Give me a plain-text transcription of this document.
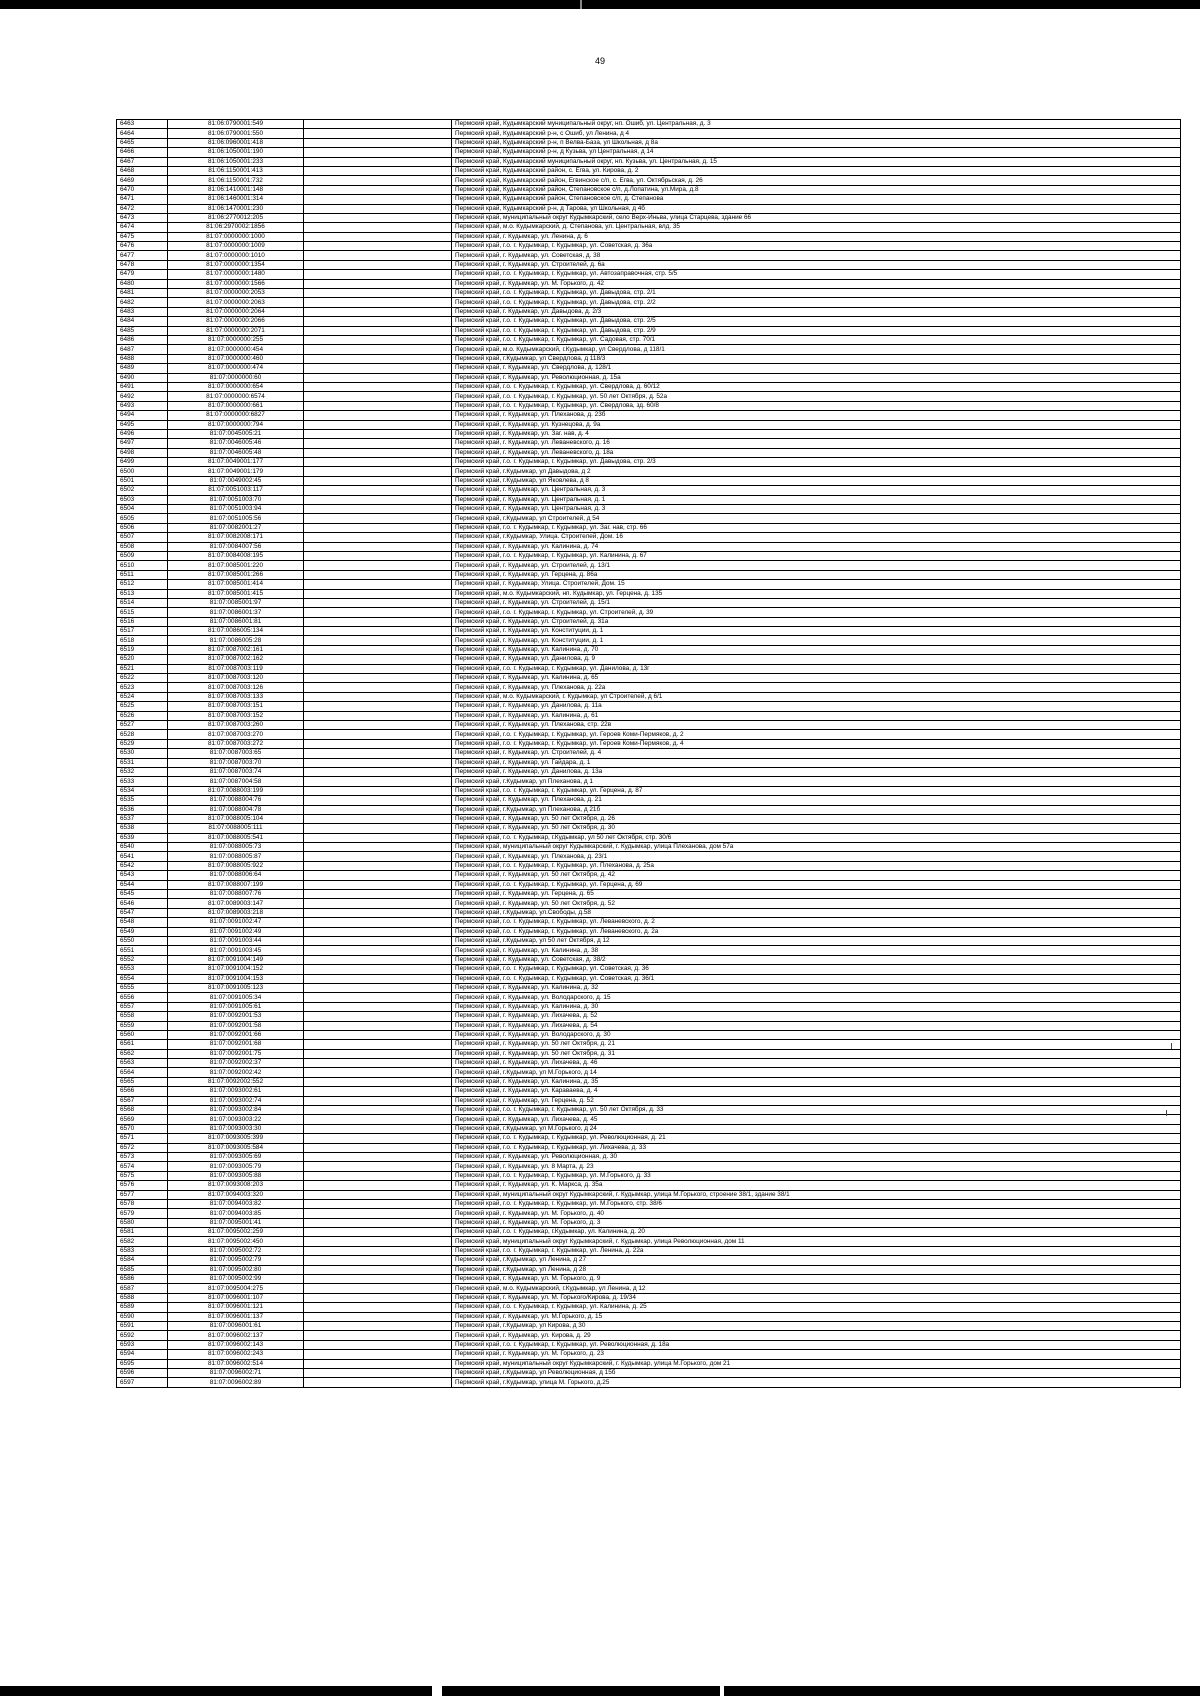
49
6463	81:06:0790001:549		Пермский край, Кудымкарский муниципальный округ, нп. Ошиб, ул. Центральная, д. 3
6464	81:06:0790001:550		Пермский край, Кудымкарский р-н, с Ошиб, ул Ленина, д 4
6465	81:06:0960001:418		Пермский край, Кудымкарский р-н, п Велва-База, ул Школьная, д 8а
6466	81:06:1050001:190		Пермский край, Кудымкарский р-н, д Кузьва, ул Центральная, д 14
6467	81:06:1050001:233		Пермский край, Кудымкарский муниципальный округ, нп. Кузьва, ул. Центральная, д. 15
6468	81:06:1150001:413		Пермский край, Кудымкарский район, с. Егва, ул. Кирова, д. 2
6469	81:06:1150001:732		Пермский край, Кудымкарский район, Егвинское с/п, с. Егва, ул. Октябрьская, д. 26
6470	81:06:1410001:148		Пермский край, Кудымкарский район, Степановское с/п, д.Лопатина, ул.Мира, д.8
6471	81:06:1460001:314		Пермский край, Кудымкарский район, Степановское с/п, д. Степанова
6472	81:06:1470001:230		Пермский край, Кудымкарский р-н, д Тарова, ул Школьная, д 4б
6473	81:06:2770012:205		Пермский край, муниципальный округ Кудымкарский, село Верх-Иньва, улица Старцева, здание 66
6474	81:06:2970002:1856		Пермский край, м.о. Кудымкарский, д. Степанова, ул. Центральная, влд. 35
6475	81:07:0000000:1000		Пермский край, г. Кудымкар, ул. Ленина, д. 6
6476	81:07:0000000:1009		Пермский край, г.о. г. Кудымкар, г. Кудымкар, ул. Советская, д. 36а
6477	81:07:0000000:1010		Пермский край, г. Кудымкар, ул. Советская, д. 38
6478	81:07:0000000:1354		Пермский край, г. Кудымкар, ул. Строителей, д. 6а
6479	81:07:0000000:1480		Пермский край, г.о. г. Кудымкар, г. Кудымкар, ул. Автозаправочная, стр. 5/5
6480	81:07:0000000:1566		Пермский край, г. Кудымкар, ул. М. Горького, д. 42
6481	81:07:0000000:2053		Пермский край, г.о. г. Кудымкар, г. Кудымкар, ул. Давыдова, стр. 2/1
6482	81:07:0000000:2063		Пермский край, г.о. г. Кудымкар, г. Кудымкар, ул. Давыдова, стр. 2/2
6483	81:07:0000000:2064		Пермский край, г. Кудымкар, ул. Давыдова, д. 2/3
6484	81:07:0000000:2066		Пермский край, г.о. г. Кудымкар, г. Кудымкар, ул. Давыдова, стр. 2/5
6485	81:07:0000000:2071		Пермский край, г.о. г. Кудымкар, г. Кудымкар, ул. Давыдова, стр. 2/9
6486	81:07:0000000:255		Пермский край, г.о. г. Кудымкар, г. Кудымкар, ул. Садовая, стр. 70/1
6487	81:07:0000000:454		Пермский край, м.о. Кудымкарский, г.Кудымкар, ул Свердлова, д 118/1
6488	81:07:0000000:460		Пермский край, г.Кудымкар, ул Свердлова, д 118/3
6489	81:07:0000000:474		Пермский край, г. Кудымкар, ул. Свердлова, д. 128/1
6490	81:07:0000000:60		Пермский край, г. Кудымкар, ул. Революционная, д. 15а
6491	81:07:0000000:654		Пермский край, г.о. г. Кудымкар, г. Кудымкар, ул. Свердлова, д. 60/12
6492	81:07:0000000:6574		Пермский край, г.о. г. Кудымкар, г. Кудымкар, ул. 50 лет Октября, д. 52а
6493	81:07:0000000:661		Пермский край, г.о. г. Кудымкар, г. Кудымкар, ул. Свердлова, зд. 60/8
6494	81:07:0000000:6827		Пермский край, г. Кудымкар, ул. Плеханова, д. 23б
6495	81:07:0000000:794		Пермский край, г. Кудымкар, ул. Кузнецова, д. 9а
6496	81:07:0045005:21		Пермский край, г. Кудымкар, ул. Заг. нав, д. 4
6497	81:07:0046005:46		Пермский край, г. Кудымкар, ул. Леваневского, д. 16
6498	81:07:0046005:48		Пермский край, г. Кудымкар, ул. Леваневского, д. 18а
6499	81:07:0049001:177		Пермский край, г.о. г. Кудымкар, г. Кудымкар, ул. Давыдова, стр. 2/3
6500	81:07:0049001:179		Пермский край, г.Кудымкар, ул Давыдова, д 2
6501	81:07:0049002:45		Пермский край, г.Кудымкар, ул Яковлева, д 8
6502	81:07:0051003:117		Пермский край, г. Кудымкар, ул. Центральная, д. 3
6503	81:07:0051003:70		Пермский край, г. Кудымкар, ул. Центральная, д. 1
6504	81:07:0051003:94		Пермский край, г. Кудымкар, ул. Центральная, д. 3
6505	81:07:0051005:56		Пермский край, г.Кудымкар, ул Строителей, д 54
6506	81:07:0082001:27		Пермский край, г.о. г. Кудымкар, г. Кудымкар, ул. Заг. нав, стр. 66
6507	81:07:0082008:171		Пермский край, г.Кудымкар, Улица. Строителей, Дом. 16
6508	81:07:0084007:56		Пермский край, г. Кудымкар, ул. Калинина, д. 74
6509	81:07:0084008:195		Пермский край, г.о. г. Кудымкар, г. Кудымкар, ул. Калинина, д. 67
6510	81:07:0085001:220		Пермский край, г. Кудымкар, ул. Строителей, д. 13/1
6511	81:07:0085001:266		Пермский край, г. Кудымкар, ул. Герцена, д. 86а
6512	81:07:0085001:414		Пермский край, г. Кудымкар, Улица. Строителей, Дом. 15
6513	81:07:0085001:415		Пермский край, м.о. Кудымкарский, нп. Кудымкар, ул. Герцена, д. 135
6514	81:07:0085001:97		Пермский край, г. Кудымкар, ул. Строителей, д. 15/1
6515	81:07:0086001:37		Пермский край, г.о. г. Кудымкар, г. Кудымкар, ул. Строителей, д. 39
6516	81:07:0086001:81		Пермский край, г. Кудымкар, ул. Строителей, д. 31а
6517	81:07:0086005:134		Пермский край, г. Кудымкар, ул. Конституции, д. 1
6518	81:07:0086005:28		Пермский край, г. Кудымкар, ул. Конституции, д. 1
6519	81:07:0087002:161		Пермский край, г. Кудымкар, ул. Калинина, д. 70
6520	81:07:0087002:162		Пермский край, г. Кудымкар, ул. Данилова, д. 9
6521	81:07:0087003:119		Пермский край, г.о. г. Кудымкар, г. Кудымкар, ул. Данилова, д. 13г
6522	81:07:0087003:120		Пермский край, г. Кудымкар, ул. Калинина, д. 65
6523	81:07:0087003:126		Пермский край, г. Кудымкар, ул. Плеханова, д. 22а
6524	81:07:0087003:133		Пермский край, м.о. Кудымкарский, г. Кудымкар, ул Строителей, д 6/1
6525	81:07:0087003:151		Пермский край, г. Кудымкар, ул. Данилова, д. 11а
6526	81:07:0087003:152		Пермский край, г. Кудымкар, ул. Калинина, д. 61
6527	81:07:0087003:260		Пермский край, г. Кудымкар, ул. Плеханова, стр. 22в
6528	81:07:0087003:270		Пермский край, г.о. г. Кудымкар, г. Кудымкар, ул. Героев Коми-Пермяков, д. 2
6529	81:07:0087003:272		Пермский край, г.о. г. Кудымкар, г. Кудымкар, ул. Героев Коми-Пермяков, д. 4
6530	81:07:0087003:65		Пермский край, г. Кудымкар, ул. Строителей, д. 4
6531	81:07:0087003:70		Пермский край, г. Кудымкар, ул. Гайдара, д. 1
6532	81:07:0087003:74		Пермский край, г. Кудымкар, ул. Данилова, д. 13а
6533	81:07:0087004:58		Пермский край, г.Кудымкар, ул Плеханова, д 1
6534	81:07:0088003:199		Пермский край, г.о. г. Кудымкар, г. Кудымкар, ул. Герцена, д. 87
6535	81:07:0088004:76		Пермский край, г. Кудымкар, ул. Плеханова, д. 21
6536	81:07:0088004:78		Пермский край, г.Кудымкар, ул Плеханова, д 21б
6537	81:07:0088005:104		Пермский край, г. Кудымкар, ул. 50 лет Октября, д. 26
6538	81:07:0088005:111		Пермский край, г. Кудымкар, ул. 50 лет Октября, д. 30
6539	81:07:0088005:541		Пермский край, г.о. г. Кудымкар, г.Кудымкар, ул 50 лет Октября, стр. 30/6
6540	81:07:0088005:73		Пермский край, муниципальный округ Кудымкарский, г. Кудымкар, улица Плеханова, дом 57а
6541	81:07:0088005:87		Пермский край, г. Кудымкар, ул. Плеханова, д. 23/1
6542	81:07:0088005:922		Пермский край, г.о. г. Кудымкар, г. Кудымкар, ул. Плеханова, д. 25а
6543	81:07:0088006:64		Пермский край, г. Кудымкар, ул. 50 лет Октября, д. 42
6544	81:07:0088007:199		Пермский край, г.о. г. Кудымкар, г. Кудымкар, ул. Герцена, д. 69
6545	81:07:0088007:76		Пермский край, г. Кудымкар, ул. Герцена, д. 65
6546	81:07:0089003:147		Пермский край, г. Кудымкар, ул. 50 лет Октября, д. 52
6547	81:07:0089003:218		Пермский край, г.Кудымкар, ул.Свободы, д.58
6548	81:07:0091002:47		Пермский край, г.о. г. Кудымкар, г. Кудымкар, ул. Леваневского, д. 2
6549	81:07:0091002:49		Пермский край, г.о. г. Кудымкар, г. Кудымкар, ул. Леваневского, д. 2а
6550	81:07:0091003:44		Пермский край, г.Кудымкар, ул 50 лет Октября, д 12
6551	81:07:0091003:45		Пермский край, г. Кудымкар, ул. Калинина, д. 38
6552	81:07:0091004:149		Пермский край, г. Кудымкар, ул. Советская, д. 38/2
6553	81:07:0091004:152		Пермский край, г.о. г. Кудымкар, г. Кудымкар, ул. Советская, д. 36
6554	81:07:0091004:153		Пермский край, г.о. г. Кудымкар, г. Кудымкар, ул. Советская, д. 36/1
6555	81:07:0091005:123		Пермский край, г. Кудымкар, ул. Калинина, д. 32
6556	81:07:0091005:34		Пермский край, г. Кудымкар, ул. Володарского, д. 15
6557	81:07:0091005:61		Пермский край, г. Кудымкар, ул. Калинина, д. 30
6558	81:07:0092001:53		Пермский край, г. Кудымкар, ул. Лихачева, д. 52
6559	81:07:0092001:58		Пермский край, г. Кудымкар, ул. Лихачева, д. 54
6560	81:07:0092001:66		Пермский край, г. Кудымкар, ул. Володарского, д. 30
6561	81:07:0092001:68		Пермский край, г. Кудымкар, ул. 50 лет Октября, д. 21
6562	81:07:0092001:75		Пермский край, г. Кудымкар, ул. 50 лет Октября, д. 31
6563	81:07:0092002:37		Пермский край, г. Кудымкар, ул. Лихачева, д. 46
6564	81:07:0092002:42		Пермский край, г.Кудымкар, ул М.Горького, д 14
6565	81:07:0092002:552		Пермский край, г. Кудымкар, ул. Калинина, д. 35
6566	81:07:0093002:61		Пермский край, г. Кудымкар, ул. Караваева, д. 4
6567	81:07:0093002:74		Пермский край, г. Кудымкар, ул. Герцена, д. 52
6568	81:07:0093002:84		Пермский край, г.о. г. Кудымкар, г. Кудымкар, ул. 50 лет Октября, д. 33
6569	81:07:0093003:22		Пермский край, г. Кудымкар, ул. Лихачева, д. 45
6570	81:07:0093003:30		Пермский край, г.Кудымкар, ул М.Горького, д 24
6571	81:07:0093005:399		Пермский край, г.о. г. Кудымкар, г. Кудымкар, ул. Революционная, д. 21
6572	81:07:0093005:584		Пермский край, г.о. г. Кудымкар, г. Кудымкар, ул. Лихачева, д. 33
6573	81:07:0093005:69		Пермский край, г. Кудымкар, ул. Революционная, д. 30
6574	81:07:0093005:79		Пермский край, г. Кудымкар, ул. 8 Марта, д. 23
6575	81:07:0093005:88		Пермский край, г.о. г. Кудымкар, г. Кудымкар, ул. М.Горького, д. 33
6576	81:07:0093008:203		Пермский край, г. Кудымкар, ул. К. Маркса, д. 35а
6577	81:07:0094003:320		Пермский край, муниципальный округ Кудымкарский, г. Кудымкар, улица М.Горького, строение 38/1, здание 38/1
6578	81:07:0094003:82		Пермский край, г.о. г. Кудымкар, г. Кудымкар, ул. М.Горького, стр. 38/6
6579	81:07:0094003:85		Пермский край, г. Кудымкар, ул. М. Горького, д. 40
6580	81:07:0095001:41		Пермский край, г. Кудымкар, ул. М. Горького, д. 3
6581	81:07:0095002:259		Пермский край, г.о. г. Кудымкар, г.Кудымкар, ул. Калинина, д. 20
6582	81:07:0095002:450		Пермский край, муниципальный округ Кудымкарский, г. Кудымкар, улица Революционная, дом 11
6583	81:07:0095002:72		Пермский край, г.о. г. Кудымкар, г. Кудымкар, ул. Ленина, д. 22а
6584	81:07:0095002:79		Пермский край, г.Кудымкар, ул Ленина, д 27
6585	81:07:0095002:80		Пермский край, г.Кудымкар, ул Ленина, д 28
6586	81:07:0095002:99		Пермский край, г. Кудымкар, ул. М. Горького, д. 9
6587	81:07:0095004:275		Пермский край, м.о. Кудымкарский, г.Кудымкар, ул Ленина, д 12
6588	81:07:0096001:107		Пермский край, г. Кудымкар, ул. М. Горького/Кирова, д. 19/34
6589	81:07:0096001:121		Пермский край, г.о. г. Кудымкар, г. Кудымкар, ул. Калинина, д. 25
6590	81:07:0096001:137		Пермский край, г. Кудымкар, ул. М.Горького, д. 15
6591	81:07:0096001:61		Пермский край, г.Кудымкар, ул Кирова, д 30
6592	81:07:0096002:137		Пермский край, г. Кудымкар, ул. Кирова, д. 29
6593	81:07:0096002:143		Пермский край, г.о. г. Кудымкар, г. Кудымкар, ул. Революционная, д. 18а
6594	81:07:0096002:243		Пермский край, г. Кудымкар, ул. М. Горького, д. 23
6595	81:07:0096002:514		Пермский край, муниципальный округ Кудымкарский, г. Кудымкар, улица М.Горького, дом 21
6596	81:07:0096002:71		Пермский край, г.Кудымкар, ул Революционная, д 15б
6597	81:07:0096002:89		Пермский край, г.Кудымкар, улица М. Горького, д.25
